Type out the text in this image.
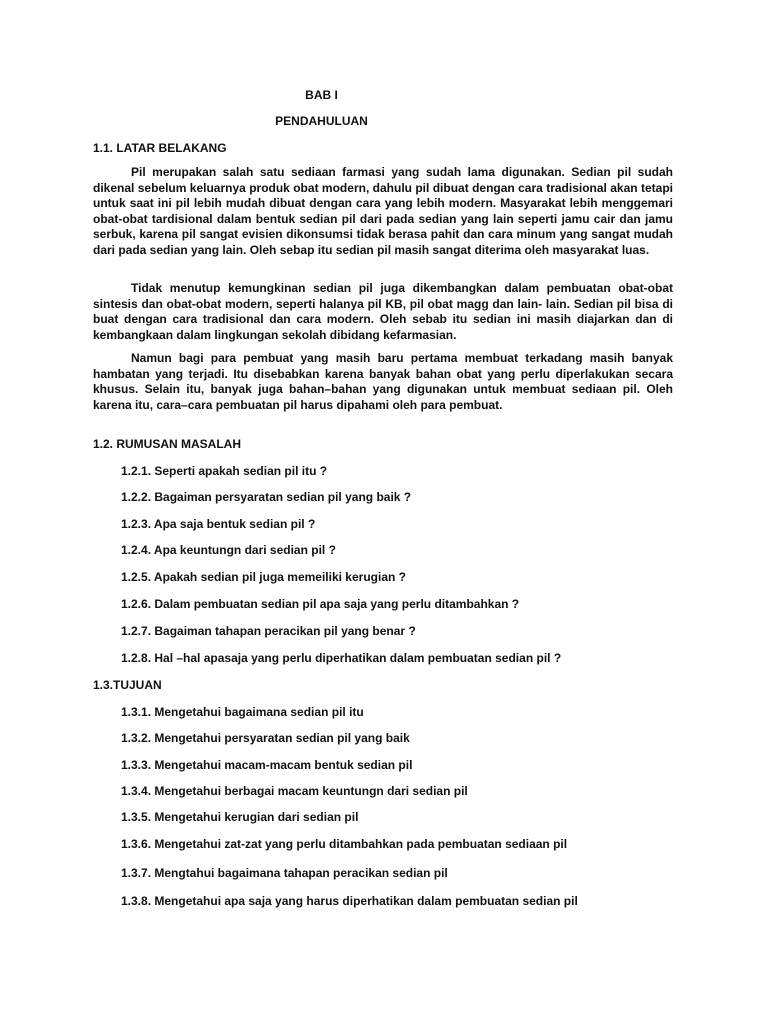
BAB I
PENDAHULUAN
1.1. LATAR BELAKANG

Pil merupakan salah satu sediaan farmasi yang sudah lama digunakan. Sedian pil sudah dikenal sebelum keluarnya produk obat modern, dahulu pil dibuat dengan cara tradisional akan tetapi untuk saat ini pil lebih mudah dibuat dengan cara yang lebih modern. Masyarakat lebih menggemari obat-obat tardisional dalam bentuk sedian pil dari pada sedian yang lain seperti jamu cair dan jamu serbuk, karena pil sangat evisien dikonsumsi tidak berasa pahit dan cara minum yang sangat mudah dari pada sedian yang lain. Oleh sebap itu sedian pil masih sangat diterima oleh masyarakat luas.

Tidak menutup kemungkinan sedian pil juga dikembangkan dalam pembuatan obat-obat sintesis dan obat-obat modern, seperti halanya pil KB, pil obat magg dan lain- lain. Sedian pil bisa di buat dengan cara tradisional dan cara modern. Oleh sebab itu sedian ini masih diajarkan dan di kembangkaan dalam lingkungan sekolah dibidang kefarmasian.

Namun bagi para pembuat yang masih baru pertama membuat terkadang masih banyak hambatan yang terjadi. Itu disebabkan karena banyak bahan obat yang perlu diperlakukan secara khusus. Selain itu, banyak juga bahan–bahan yang digunakan untuk membuat sediaan pil. Oleh karena itu, cara–cara pembuatan pil harus dipahami oleh para pembuat.

1.2. RUMUSAN MASALAH
1.2.1. Seperti apakah sedian pil itu ?
1.2.2. Bagaiman persyaratan sedian pil yang baik ?
1.2.3. Apa saja bentuk sedian pil ?
1.2.4. Apa keuntungn dari sedian pil ?
1.2.5. Apakah sedian pil juga memeiliki kerugian ?
1.2.6. Dalam pembuatan sedian pil apa saja yang perlu ditambahkan ?
1.2.7. Bagaiman tahapan peracikan pil yang benar ?
1.2.8. Hal –hal apasaja yang perlu diperhatikan dalam pembuatan sedian pil ?
1.3.TUJUAN
1.3.1. Mengetahui bagaimana sedian pil itu
1.3.2. Mengetahui persyaratan sedian pil yang baik
1.3.3. Mengetahui macam-macam bentuk sedian pil
1.3.4. Mengetahui berbagai macam keuntungn dari sedian pil
1.3.5. Mengetahui kerugian dari sedian pil
1.3.6. Mengetahui zat-zat yang perlu ditambahkan pada pembuatan sediaan pil
1.3.7. Mengtahui bagaimana tahapan peracikan sedian pil
1.3.8. Mengetahui apa saja yang harus diperhatikan dalam pembuatan sedian pil
